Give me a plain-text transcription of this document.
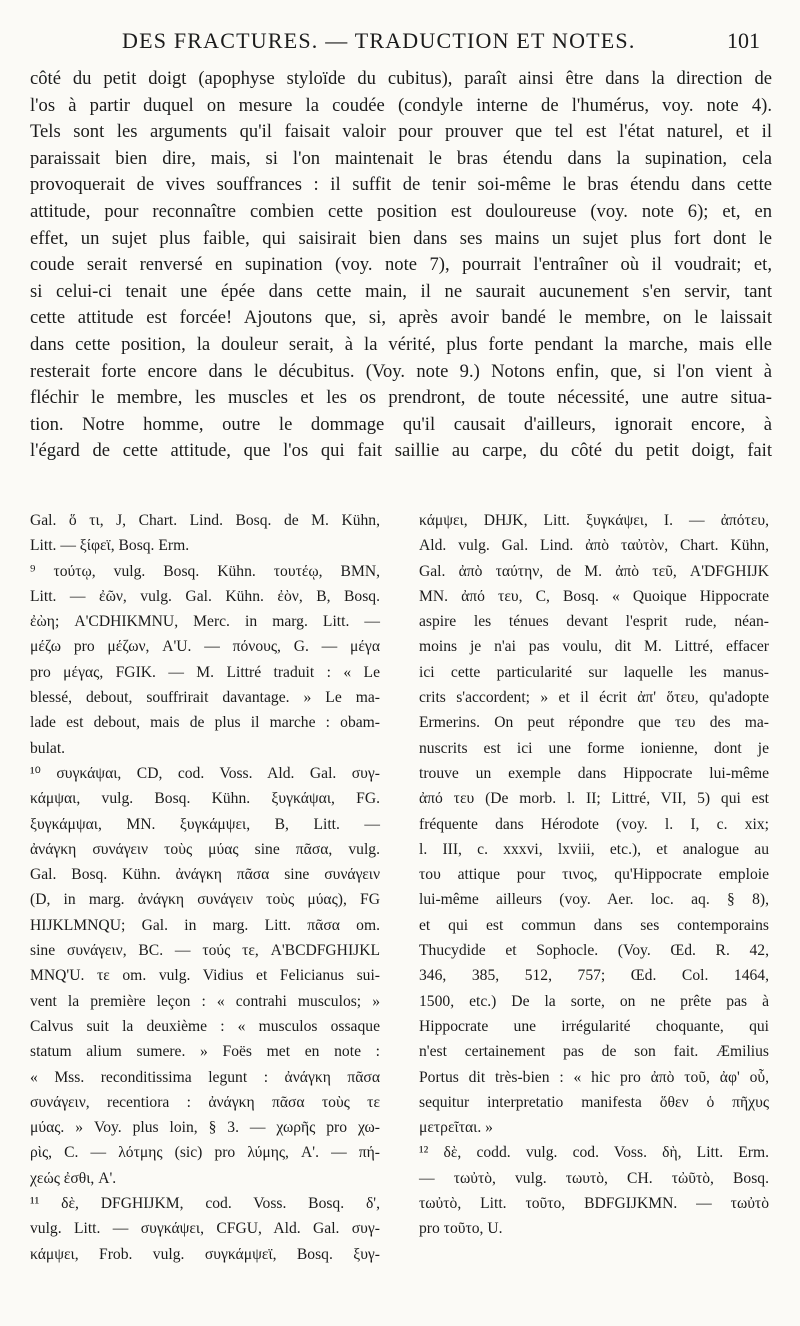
DES FRACTURES. — TRADUCTION ET NOTES.	101
côté du petit doigt (apophyse styloïde du cubitus), paraît ainsi être dans la direction de
l'os à partir duquel on mesure la coudée (condyle interne de l'humérus, voy. note 4).
Tels sont les arguments qu'il faisait valoir pour prouver que tel est l'état naturel, et il
paraissait bien dire, mais, si l'on maintenait le bras étendu dans la supination, cela
provoquerait de vives souffrances : il suffit de tenir soi-même le bras étendu dans cette
attitude, pour reconnaître combien cette position est douloureuse (voy. note 6); et, en
effet, un sujet plus faible, qui saisirait bien dans ses mains un sujet plus fort dont le
coude serait renversé en supination (voy. note 7), pourrait l'entraîner où il voudrait; et,
si celui-ci tenait une épée dans cette main, il ne saurait aucunement s'en servir, tant
cette attitude est forcée! Ajoutons que, si, après avoir bandé le membre, on le laissait
dans cette position, la douleur serait, à la vérité, plus forte pendant la marche, mais elle
resterait forte encore dans le décubitus. (Voy. note 9.) Notons enfin, que, si l'on vient à
fléchir le membre, les muscles et les os prendront, de toute nécessité, une autre situa-
tion. Notre homme, outre le dommage qu'il causait d'ailleurs, ignorait encore, à
l'égard de cette attitude, que l'os qui fait saillie au carpe, du côté du petit doigt, fait
Gal. ὅ τι, J, Chart. Lind. Bosq. de M. Kühn,
Litt. — ξίφεϊ, Bosq. Erm.
⁹ τούτῳ, vulg. Bosq. Kühn. τουτέῳ, BMN,
Litt. — ἐῶν, vulg. Gal. Kühn. ἐὸν, B, Bosq.
ἐὼη; A'CDHIKMNU, Merc. in marg. Litt. —
μέζω pro μέζων, A'U. — πόνους, G. — μέγα
pro μέγας, FGIK. — M. Littré traduit : « Le
blessé, debout, souffrirait davantage. » Le ma-
lade est debout, mais de plus il marche : obam-
bulat.
¹⁰ συγκάψαι, CD, cod. Voss. Ald. Gal. συγ-
κάμψαι, vulg. Bosq. Kühn. ξυγκάψαι, FG.
ξυγκάμψαι, MN. ξυγκάμψει, B, Litt. —
ἀνάγκη συνάγειν τοὺς μύας sine πᾶσα, vulg.
Gal. Bosq. Kühn. ἀνάγκη πᾶσα sine συνάγειν
(D, in marg. ἀνάγκη συνάγειν τοὺς μύας), FG
HIJKLMNQU; Gal. in marg. Litt. πᾶσα om.
sine συνάγειν, BC. — τούς τε, A'BCDFGHIJKL
MNQ'U. τε om. vulg. Vidius et Felicianus sui-
vent la première leçon : « contrahi musculos; »
Calvus suit la deuxième : « musculos ossaque
statum alium sumere. » Foës met en note :
« Mss. reconditissima legunt : ἀνάγκη πᾶσα
συνάγειν, recentiora : ἀνάγκη πᾶσα τοὺς τε
μύας. » Voy. plus loin, § 3. — χωρῆς pro χω-
ρὶς, C. — λότμης (sic) pro λύμης, A'. — πή-
χεώς ἐσθι, A'.
¹¹ δὲ, DFGHIJKM, cod. Voss. Bosq. δ',
vulg. Litt. — συγκάψει, CFGU, Ald. Gal. συγ-
κάμψει, Frob. vulg. συγκάμψεϊ, Bosq. ξυγ-
κάμψει, DHJK, Litt. ξυγκάψει, I. — ἀπότευ,
Ald. vulg. Gal. Lind. ἀπὸ ταὐτὸν, Chart. Kühn,
Gal. ἀπὸ ταύτην, de M. ἀπὸ τεῦ, A'DFGHIJK
MN. ἀπό τευ, C, Bosq. « Quoique Hippocrate
aspire les ténues devant l'esprit rude, néan-
moins je n'ai pas voulu, dit M. Littré, effacer
ici cette particularité sur laquelle les manus-
crits s'accordent; » et il écrit ἀπ' ὅτευ, qu'adopte
Ermerins. On peut répondre que τευ des ma-
nuscrits est ici une forme ionienne, dont je
trouve un exemple dans Hippocrate lui-même
ἀπό τευ (De morb. l. II; Littré, VII, 5) qui est
fréquente dans Hérodote (voy. l. I, c. xix;
l. III, c. xxxvi, lxviii, etc.), et analogue au
του attique pour τινος, qu'Hippocrate emploie
lui-même ailleurs (voy. Aer. loc. aq. § 8),
et qui est commun dans ses contemporains
Thucydide et Sophocle. (Voy. Œd. R. 42,
346, 385, 512, 757; Œd. Col. 1464,
1500, etc.) De la sorte, on ne prête pas à
Hippocrate une irrégularité choquante, qui
n'est certainement pas de son fait. Æmilius
Portus dit très-bien : « hic pro ἀπὸ τοῦ, ἀφ' οὗ,
sequitur interpretatio manifesta ὅθεν ὁ πῆχυς
μετρεῖται. »
¹² δὲ, codd. vulg. cod. Voss. δὴ, Litt. Erm.
— τωὐτὸ, vulg. τωυτὸ, CH. τὠῦτὸ, Bosq.
τωὐτὸ, Litt. τοῦτο, BDFGIJKMN. — τωὐτὸ
pro τοῦτο, U.
